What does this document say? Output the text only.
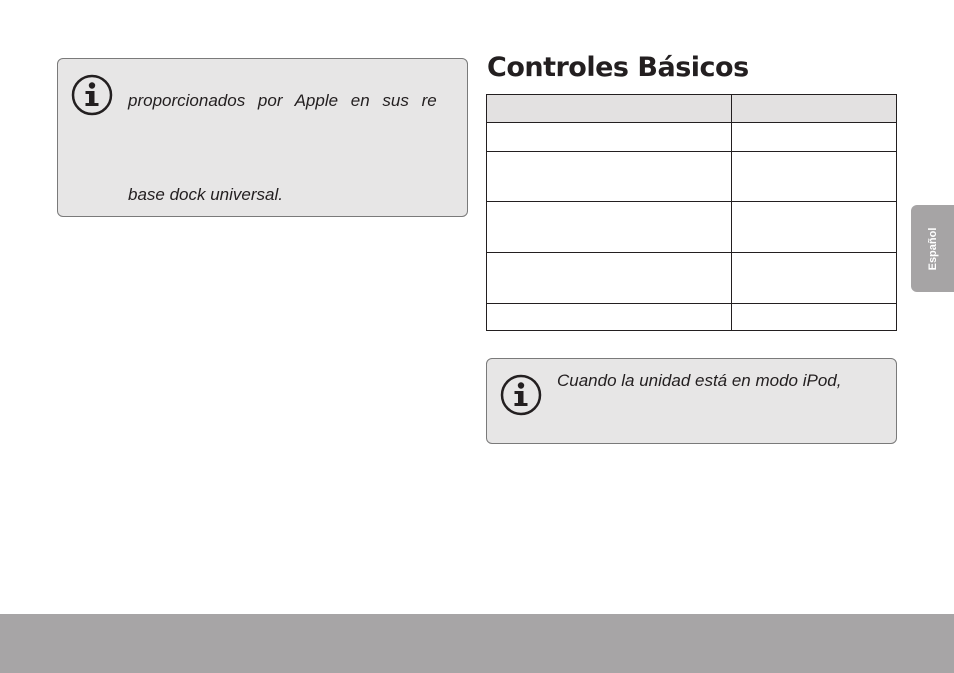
proporcionados por Apple en sus re
base dock universal.
Controles Básicos

Cuando la unidad está en modo iPod,
Español
